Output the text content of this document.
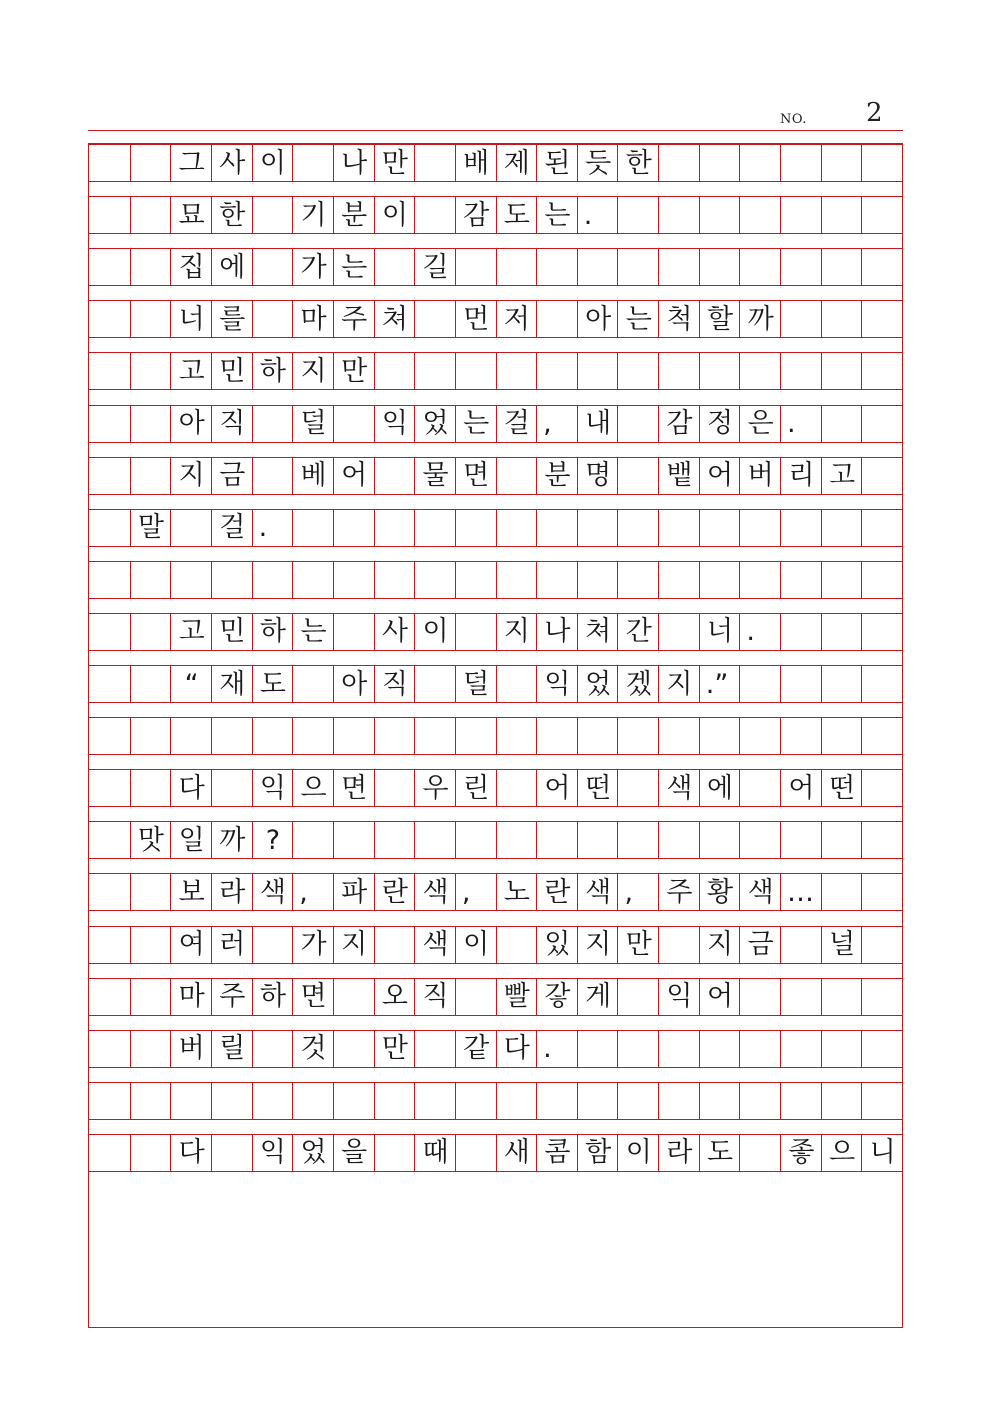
NO. 2
그 사 이	나 만	배 제 된 듯 한
묘 한	기 분 이	감 도 는 .
집 에	가 는	길
너 를	마 주 쳐	먼 저	아 는 척 할 까
고 민 하 지 만
아 직	덜	익 었 는 걸 ,	내	감 정 은 .
지 금	베 어	물 면	분 명	뱉 어 버 리 고
말	걸 .
고 민 하 는	사 이	지 나 쳐 간	너 .
“ 재 도	아 직	덜	익 었 겠 지 .”
다	익 으 면	우 린	어 떤	색 에	어 떤
맛 일 까 ?
보 라 색 ,	파 란 색 ,	노 란 색 ,	주 황 색 …
여 러	가 지	색 이	있 지 만	지 금	널
마 주 하 면	오 직	빨 갛 게	익 어
버 릴	것	만	같 다 .
다	익 었 을	때	새 콤 함 이 라 도	좋 으 니
